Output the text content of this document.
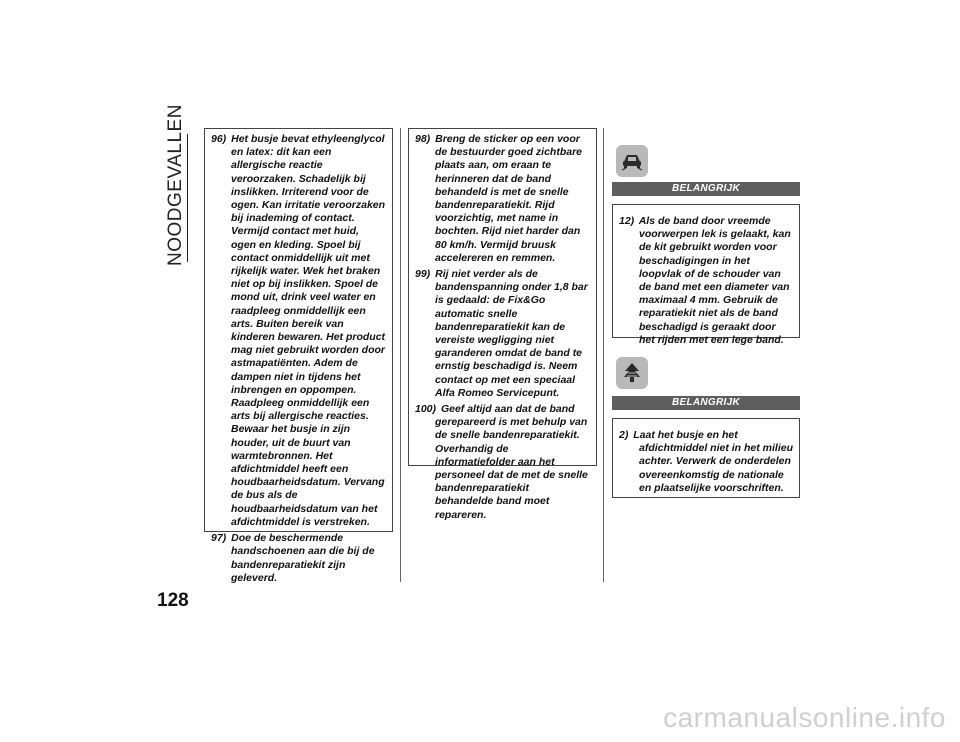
NOODGEVALLEN
128

96) Het busje bevat ethyleenglycol en latex: dit kan een allergische reactie veroorzaken. Schadelijk bij inslikken. Irriterend voor de ogen. Kan irritatie veroorzaken bij inademing of contact. Vermijd contact met huid, ogen en kleding. Spoel bij contact onmiddellijk uit met rijkelijk water. Wek het braken niet op bij inslikken. Spoel de mond uit, drink veel water en raadpleeg onmiddellijk een arts. Buiten bereik van kinderen bewaren. Het product mag niet gebruikt worden door astmapatiënten. Adem de dampen niet in tijdens het inbrengen en oppompen. Raadpleeg onmiddellijk een arts bij allergische reacties. Bewaar het busje in zijn houder, uit de buurt van warmtebronnen. Het afdichtmiddel heeft een houdbaarheidsdatum. Vervang de bus als de houdbaarheidsdatum van het afdichtmiddel is verstreken.

97) Doe de beschermende handschoenen aan die bij de bandenreparatiekit zijn geleverd.

98) Breng de sticker op een voor de bestuurder goed zichtbare plaats aan, om eraan te herinneren dat de band behandeld is met de snelle bandenreparatiekit. Rijd voorzichtig, met name in bochten. Rijd niet harder dan 80 km/h. Vermijd bruusk accelereren en remmen.

99) Rij niet verder als de bandenspanning onder 1,8 bar is gedaald: de Fix&Go automatic snelle bandenreparatiekit kan de vereiste wegligging niet garanderen omdat de band te ernstig beschadigd is. Neem contact op met een speciaal Alfa Romeo Servicepunt.

100) Geef altijd aan dat de band gerepareerd is met behulp van de snelle bandenreparatiekit. Overhandig de informatiefolder aan het personeel dat de met de snelle bandenreparatiekit behandelde band moet repareren.

BELANGRIJK

12) Als de band door vreemde voorwerpen lek is gelaakt, kan de kit gebruikt worden voor beschadigingen in het loopvlak of de schouder van de band met een diameter van maximaal 4 mm. Gebruik de reparatiekit niet als de band beschadigd is geraakt door het rijden met een lege band.

BELANGRIJK

2) Laat het busje en het afdichtmiddel niet in het milieu achter. Verwerk de onderdelen overeenkomstig de nationale en plaatselijke voorschriften.

carmanualsonline.info
